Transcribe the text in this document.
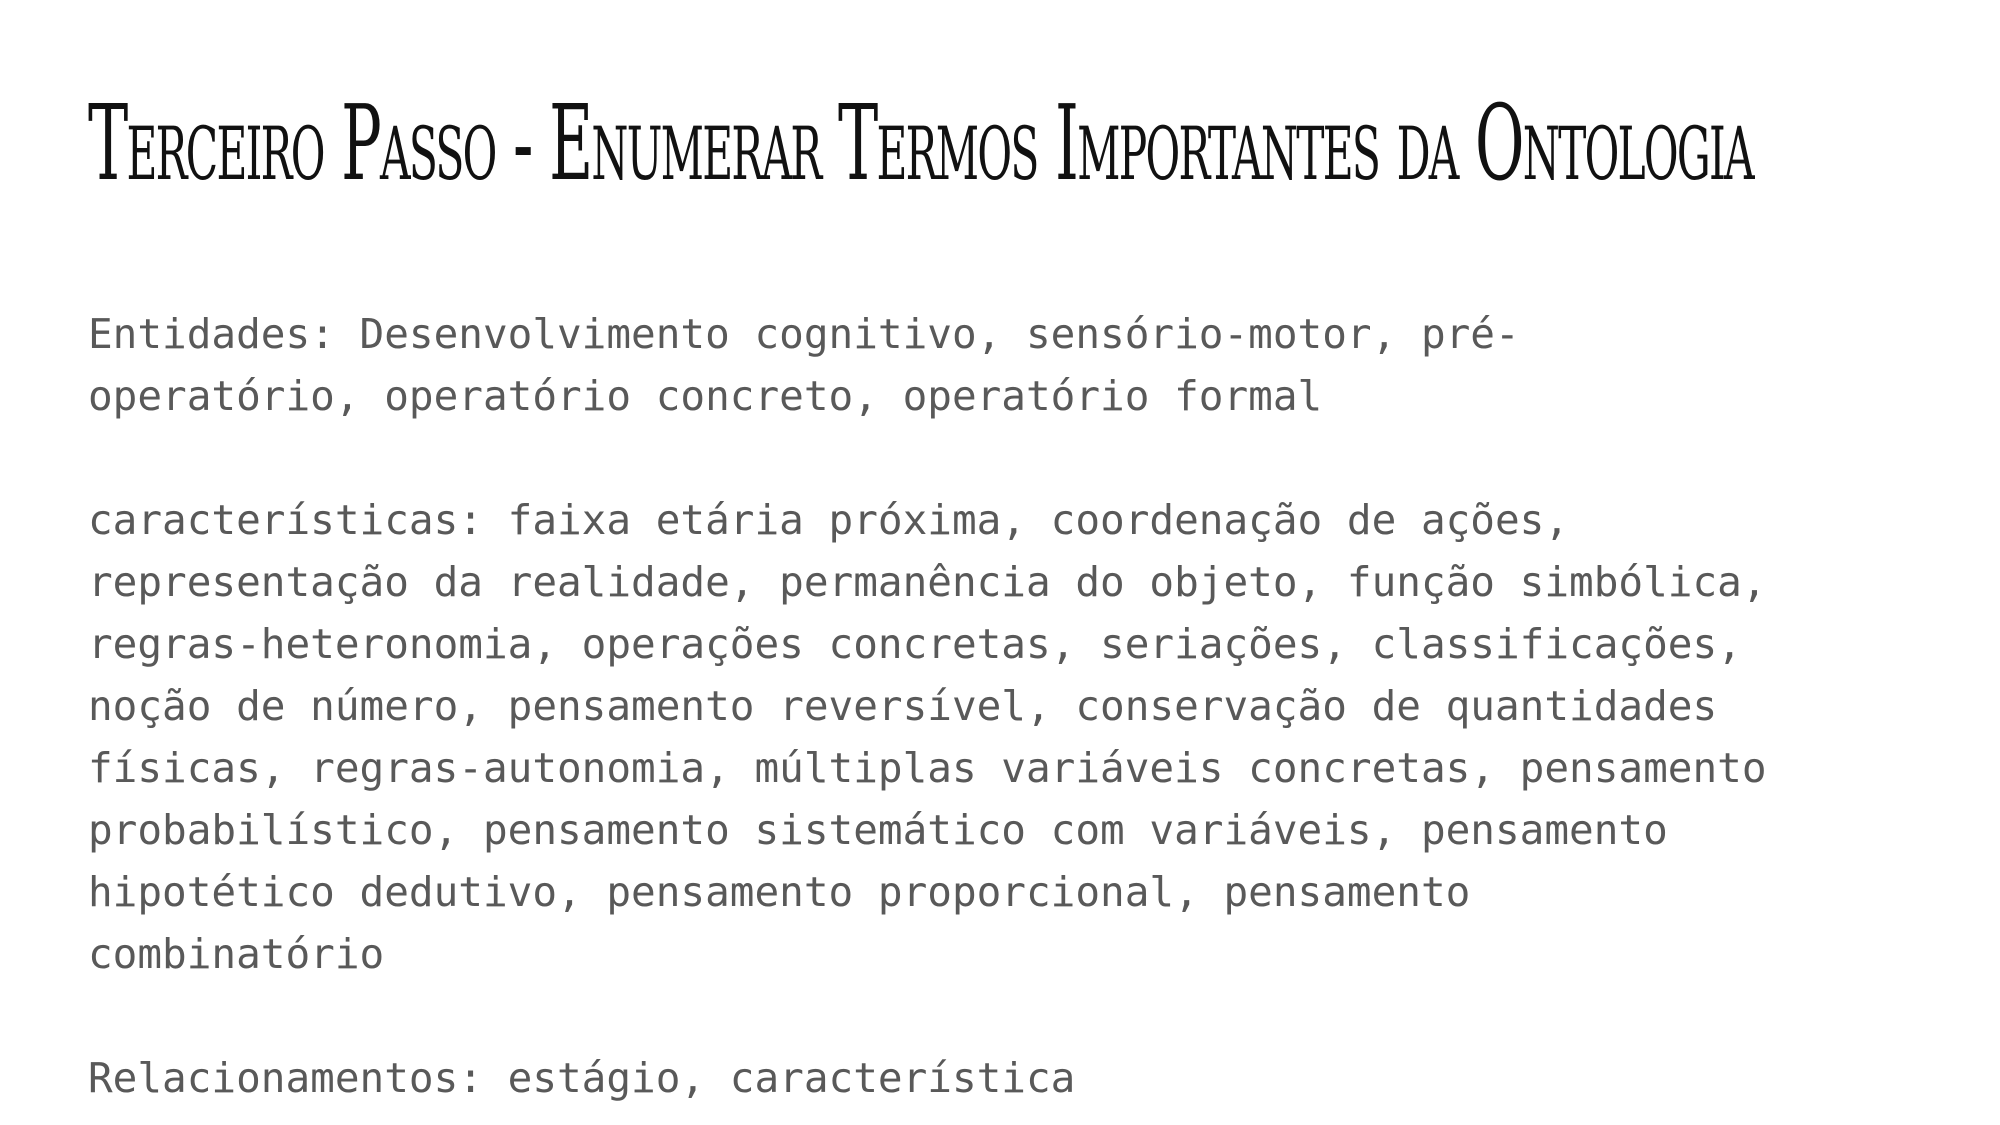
Terceiro Passo - Enumerar Termos Importantes da Ontologia

Entidades: Desenvolvimento cognitivo, sensório-motor, pré-
operatório, operatório concreto, operatório formal

características: faixa etária próxima, coordenação de ações,
representação da realidade, permanência do objeto, função simbólica,
regras-heteronomia, operações concretas, seriações, classificações,
noção de número, pensamento reversível, conservação de quantidades
físicas, regras-autonomia, múltiplas variáveis concretas, pensamento
probabilístico, pensamento sistemático com variáveis, pensamento
hipotético dedutivo, pensamento proporcional, pensamento
combinatório

Relacionamentos: estágio, característica
